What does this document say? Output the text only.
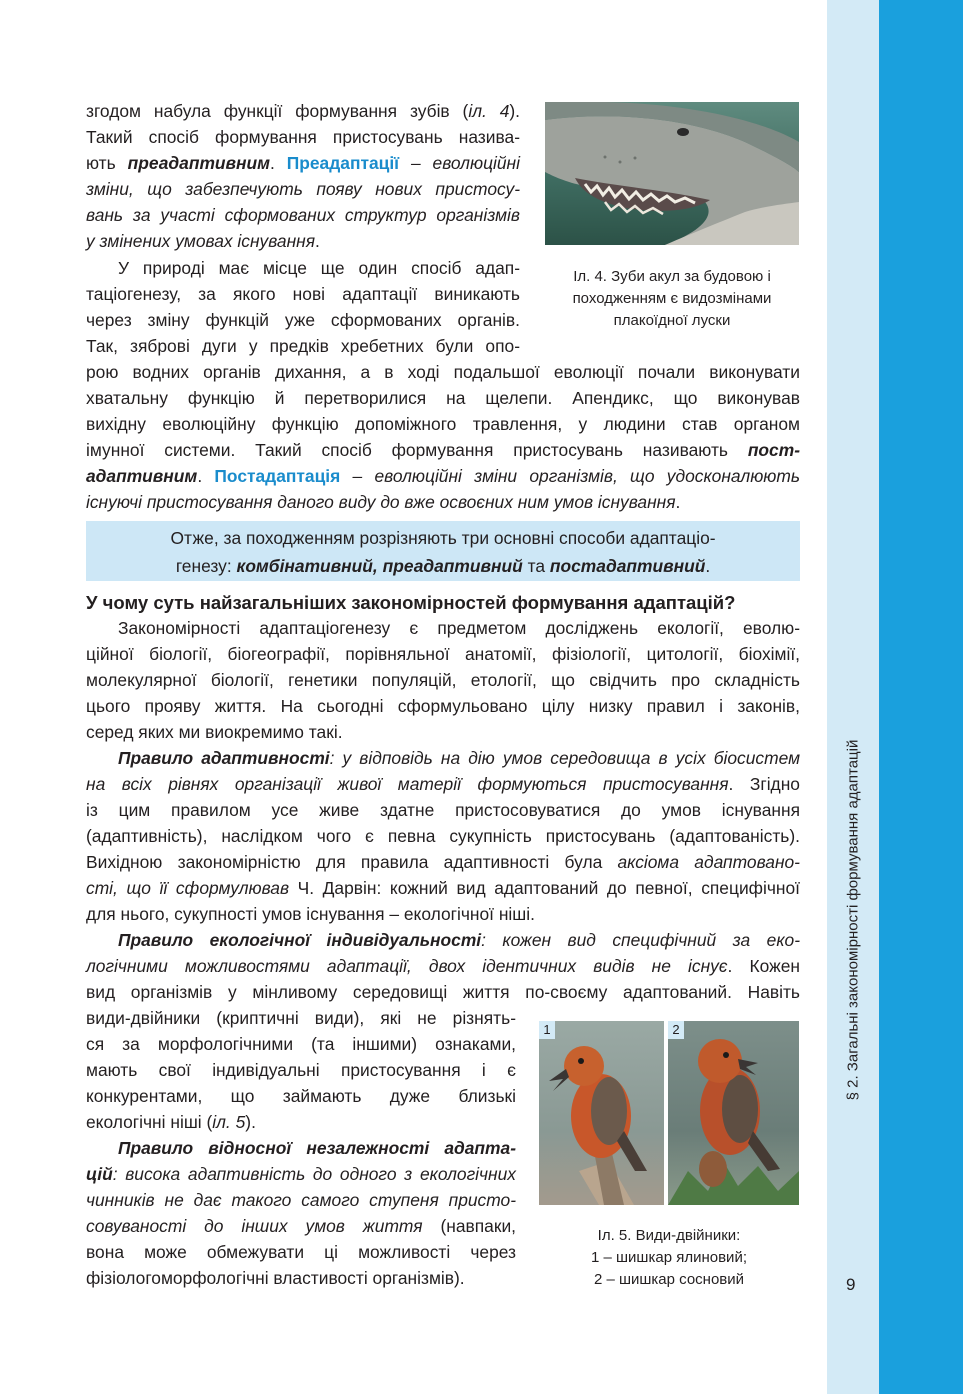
§ 2. Загальні закономірності формування адаптацій
9
згодом набула функції формування зубів (іл. 4).
Такий спосіб формування пристосувань назива-
ють преадаптивним. Преадаптації – еволюційні
зміни, що забезпечують появу нових пристосу-
вань за участі сформованих структур організмів
у змінених умовах існування.
Іл. 4. Зуби акул за будовою і
походженням є видозмінами
плакоїдної луски
У природі має місце ще один спосіб адап-
таціогенезу, за якого нові адаптації виникають
через зміну функцій уже сформованих органів.
Так, зяброві дуги у предків хребетних були опо-
рою водних органів дихання, а в ході подальшої еволюції почали виконувати
хватальну функцію й перетворилися на щелепи. Апендикс, що виконував
вихідну еволюційну функцію допоміжного травлення, у людини став органом
імунної системи. Такий спосіб формування пристосувань називають пост-
адаптивним. Постадаптація – еволюційні зміни організмів, що удосконалюють
існуючі пристосування даного виду до вже освоєних ним умов існування.
Отже, за походженням розрізняють три основні способи адаптаціо-
генезу: комбінативний, преадаптивний та постадаптивний.
У чому суть найзагальніших закономірностей формування адаптацій?
Закономірності адаптаціогенезу є предметом досліджень екології, еволю-
ційної біології, біогеографії, порівняльної анатомії, фізіології, цитології, біохімії,
молекулярної біології, генетики популяцій, етології, що свідчить про складність
цього прояву життя. На сьогодні сформульовано цілу низку правил і законів,
серед яких ми виокремимо такі.
Правило адаптивності: у відповідь на дію умов середовища в усіх біосистем
на всіх рівнях організації живої матерії формуються пристосування. Згідно
із цим правилом усе живе здатне пристосовуватися до умов існування
(адаптивність), наслідком чого є певна сукупність пристосувань (адаптованість).
Вихідною закономірністю для правила адаптивності була аксіома адаптовано-
сті, що її сформулював Ч. Дарвін: кожний вид адаптований до певної, специфічної
для нього, сукупності умов існування – екологічної ніші.
Правило екологічної індивідуальності: кожен вид специфічний за еко-
логічними можливостями адаптації, двох ідентичних видів не існує. Кожен
вид організмів у мінливому середовищі життя по-своєму адаптований. Навіть
види-двійники (криптичні види), які не різнять-
ся за морфологічними (та іншими) ознаками,
мають свої індивідуальні пристосування і є
конкурентами, що займають дуже близькі
екологічні ніші (іл. 5).
Правило відносної незалежності адапта-
цій: висока адаптивність до одного з екологічних
чинників не дає такого самого ступеня присто-
совуваності до інших умов життя (навпаки,
вона може обмежувати ці можливості через
фізіологоморфологічні властивості організмів).
1	2
Іл. 5. Види-двійники:
1 – шишкар ялиновий;
2 – шишкар сосновий
